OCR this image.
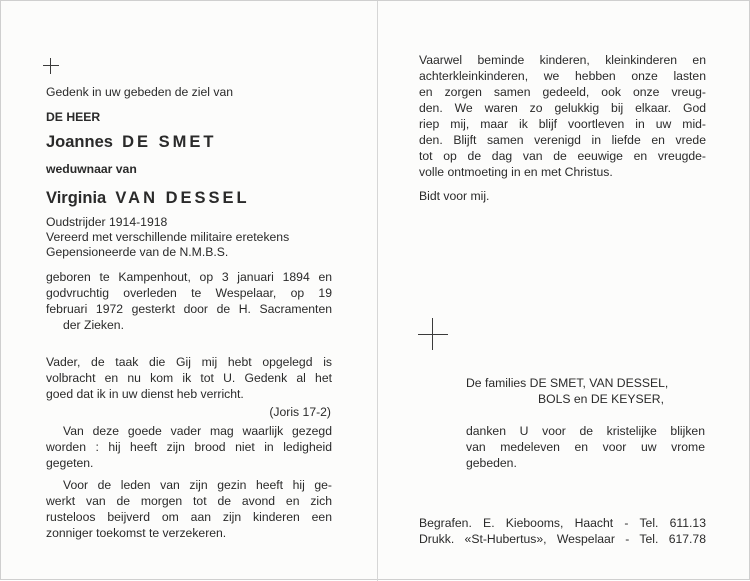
Gedenk in uw gebeden de ziel van
DE HEER
Joannes DE SMET
weduwnaar van
Virginia VAN DESSEL
Oudstrijder 1914-1918
Vereerd met verschillende militaire eretekens
Gepensioneerde van de N.M.B.S.
geboren te Kampenhout, op 3 januari 1894 en
godvruchtig overleden te Wespelaar, op 19
februari 1972 gesterkt door de H. Sacramenten
der Zieken.
Vader, de taak die Gij mij hebt opgelegd is
volbracht en nu kom ik tot U. Gedenk al het
goed dat ik in uw dienst heb verricht.
(Joris 17-2)
Van deze goede vader mag waarlijk gezegd
worden : hij heeft zijn brood niet in ledigheid
gegeten.
Voor de leden van zijn gezin heeft hij ge-
werkt van de morgen tot de avond en zich
rusteloos beijverd om aan zijn kinderen een
zonniger toekomst te verzekeren.
Vaarwel beminde kinderen, kleinkinderen en
achterkleinkinderen, we hebben onze lasten
en zorgen samen gedeeld, ook onze vreug-
den. We waren zo gelukkig bij elkaar. God
riep mij, maar ik blijf voortleven in uw mid-
den. Blijft samen verenigd in liefde en vrede
tot op de dag van de eeuwige en vreugde-
volle ontmoeting in en met Christus.
Bidt voor mij.
De families DE SMET, VAN DESSEL,
BOLS en DE KEYSER,
danken U voor de kristelijke blijken
van medeleven en voor uw vrome
gebeden.
Begrafen. E. Kiebooms, Haacht - Tel. 611.13
Drukk. «St-Hubertus», Wespelaar - Tel. 617.78
